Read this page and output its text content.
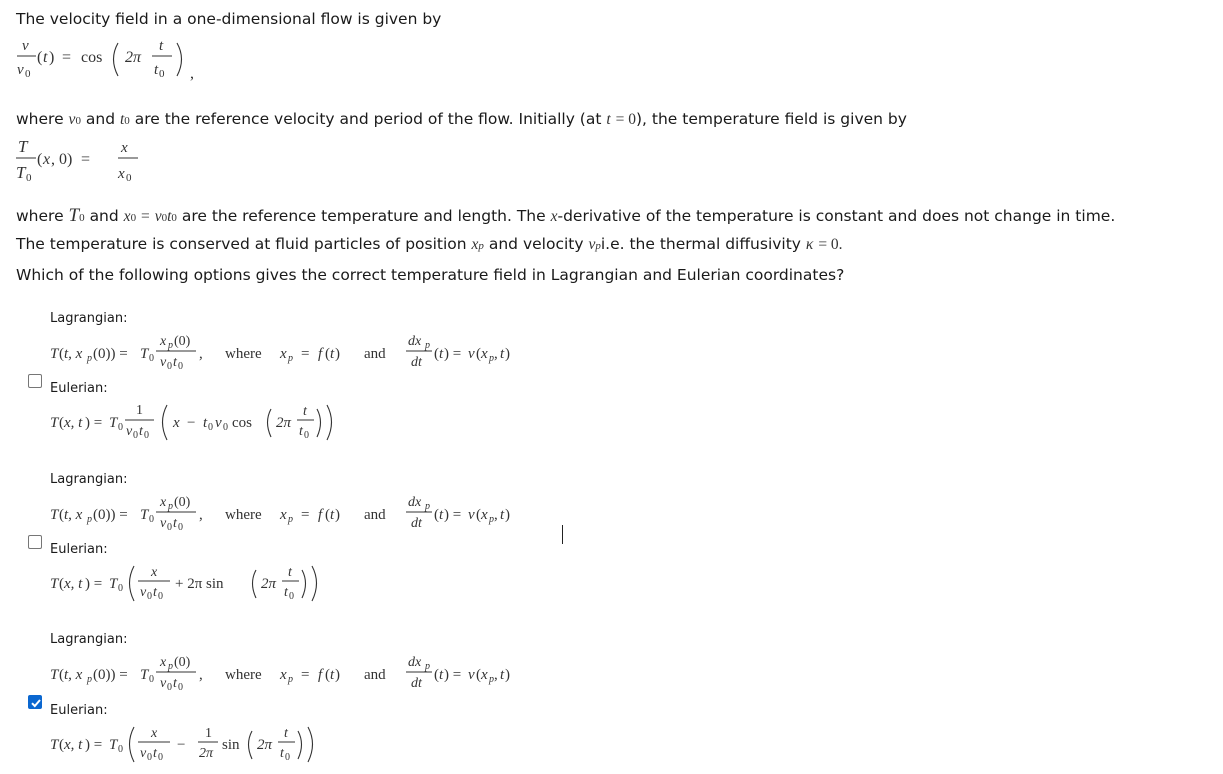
The velocity field in a one-dimensional flow is given by
v
v 0
( t ) = cos 2π
t
t 0 ,
where v0 and t0 are the reference velocity and period of the flow. Initially (at t = 0), the temperature field is given by
T
T 0
( x , 0) =
x
x 0
where T0 and x0 = v0t0 are the reference temperature and length. The x-derivative of the temperature is constant and does not change in time.
The temperature is conserved at fluid particles of position xp and velocity vpi.e. the thermal diffusivity κ = 0.
Which of the following options gives the correct temperature field in Lagrangian and Eulerian coordinates?
Lagrangian:
T ( t, x p (0)) = T 0
x p (0)
v 0 t 0
, where x p = f ( t ) and
dx p
dt
( t ) = v ( x p , t )
Eulerian:
T ( x, t ) = T 0
1
v 0 t 0
x − t 0 v 0 cos 2π
t
t 0
Lagrangian:
T ( t, x p (0)) = T 0
x p (0)
v 0 t 0
, where x p = f ( t ) and
dx p
dt
( t ) = v ( x p , t )
Eulerian:
T ( x, t ) = T 0
x
v 0 t 0
+ 2π sin 2π
t
t 0
Lagrangian:
T ( t, x p (0)) = T 0
x p (0)
v 0 t 0
, where x p = f ( t ) and
dx p
dt
( t ) = v ( x p , t )
Eulerian:
T ( x, t ) = T 0
x
v 0 t 0
−
1
2π
sin 2π
t
t 0
